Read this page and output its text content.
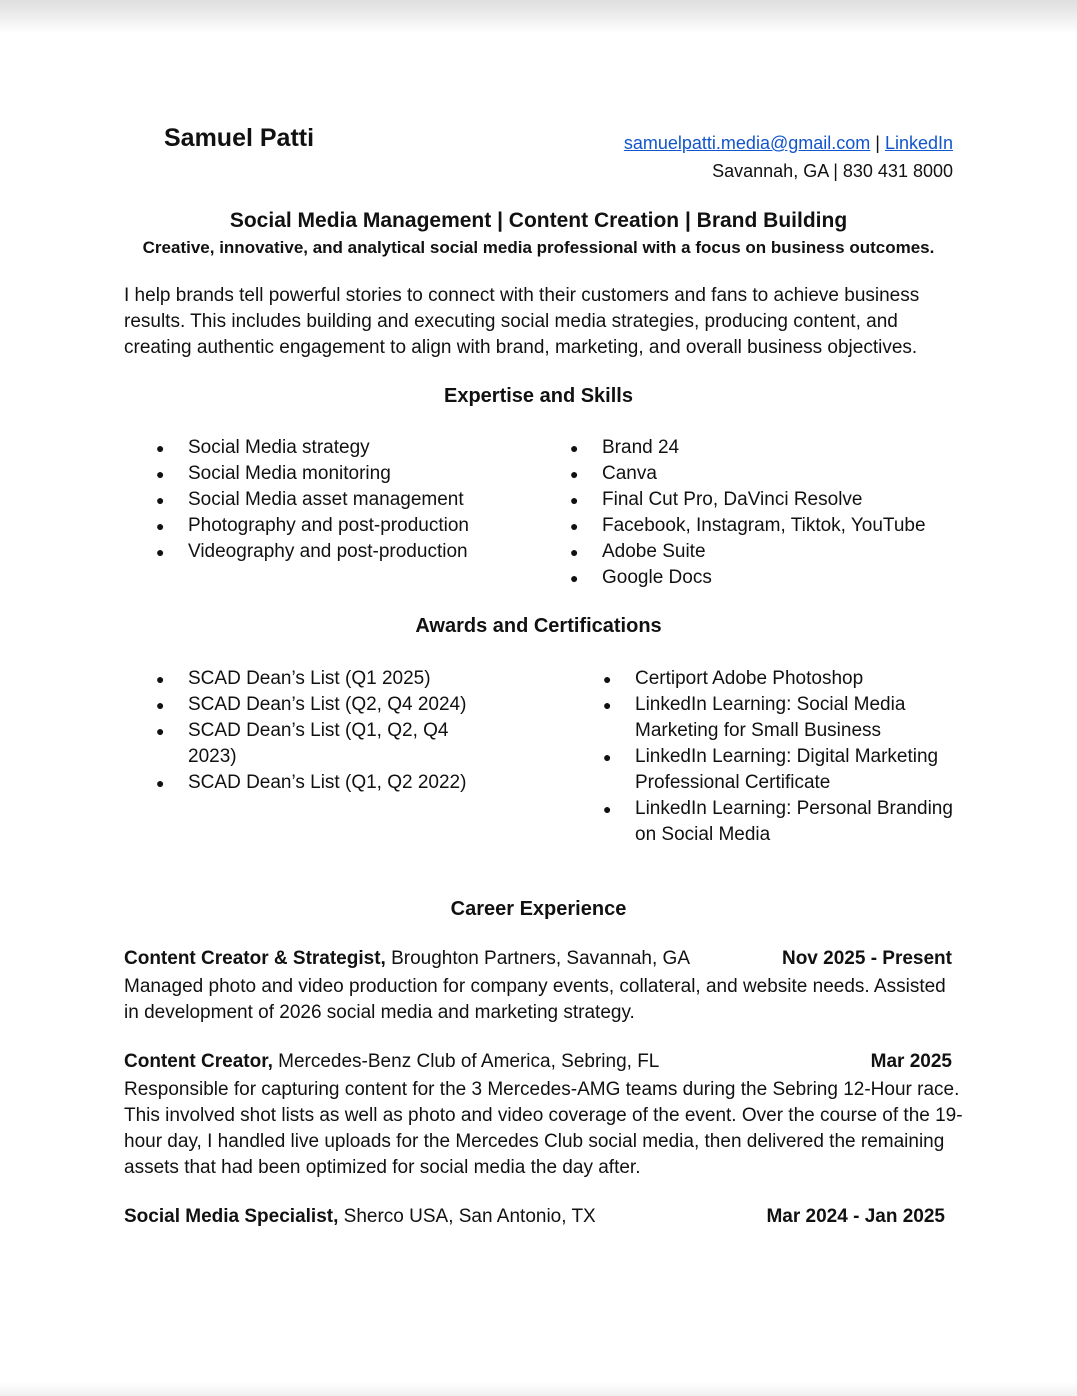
Samuel Patti	samuelpatti.media@gmail.com | LinkedIn
Savannah, GA | 830 431 8000
Social Media Management | Content Creation | Brand Building
Creative, innovative, and analytical social media professional with a focus on business outcomes.

I help brands tell powerful stories to connect with their customers and fans to achieve business results. This includes building and executing social media strategies, producing content, and creating authentic engagement to align with brand, marketing, and overall business objectives.

Expertise and Skills
● Social Media strategy
● Social Media monitoring
● Social Media asset management
● Photography and post-production
● Videography and post-production
● Brand 24
● Canva
● Final Cut Pro, DaVinci Resolve
● Facebook, Instagram, Tiktok, YouTube
● Adobe Suite
● Google Docs
Awards and Certifications
● SCAD Dean’s List (Q1 2025)
● SCAD Dean’s List (Q2, Q4 2024)
● SCAD Dean’s List (Q1, Q2, Q4 2023)
● SCAD Dean’s List (Q1, Q2 2022)
● Certiport Adobe Photoshop
● LinkedIn Learning: Social Media Marketing for Small Business
● LinkedIn Learning: Digital Marketing Professional Certificate
● LinkedIn Learning: Personal Branding on Social Media
Career Experience
Content Creator & Strategist, Broughton Partners, Savannah, GA	Nov 2025 - Present

Managed photo and video production for company events, collateral, and website needs. Assisted in development of 2026 social media and marketing strategy.

Content Creator, Mercedes-Benz Club of America, Sebring, FL	Mar 2025

Responsible for capturing content for the 3 Mercedes-AMG teams during the Sebring 12-Hour race. This involved shot lists as well as photo and video coverage of the event. Over the course of the 19- hour day, I handled live uploads for the Mercedes Club social media, then delivered the remaining assets that had been optimized for social media the day after.

Social Media Specialist, Sherco USA, San Antonio, TX	Mar 2024 - Jan 2025
